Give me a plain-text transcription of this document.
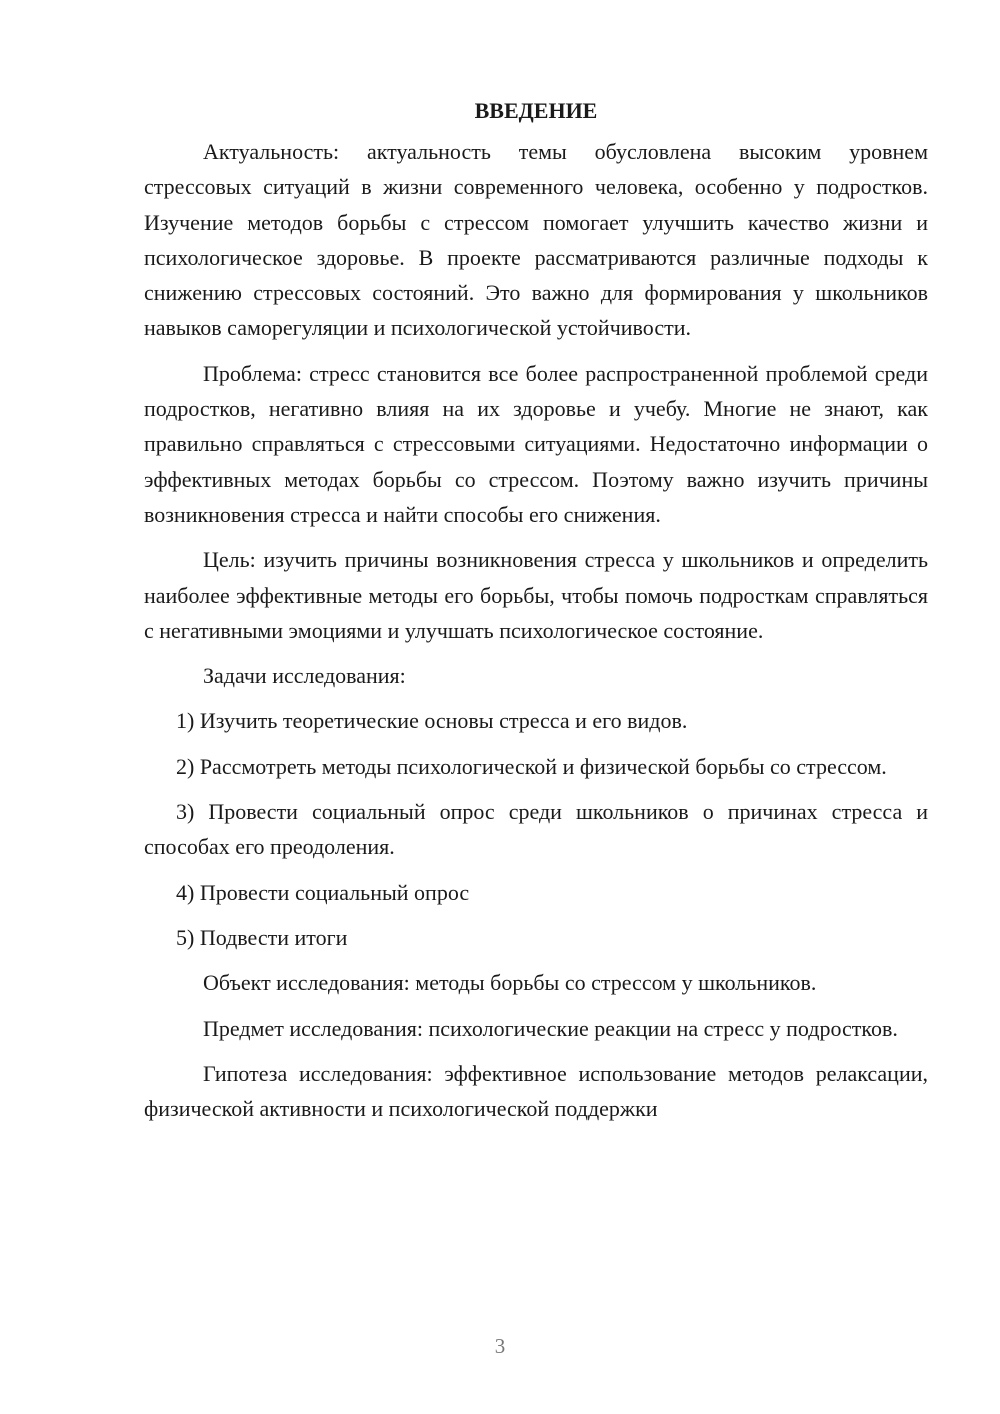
ВВЕДЕНИЕ

Актуальность: актуальность темы обусловлена высоким уровнем стрессовых ситуаций в жизни современного человека, особенно у подростков. Изучение методов борьбы с стрессом помогает улучшить качество жизни и психологическое здоровье. В проекте рассматриваются различные подходы к снижению стрессовых состояний. Это важно для формирования у школьников навыков саморегуляции и психологической устойчивости.

Проблема: стресс становится все более распространенной проблемой среди подростков, негативно влияя на их здоровье и учебу. Многие не знают, как правильно справляться с стрессовыми ситуациями. Недостаточно информации о эффективных методах борьбы со стрессом. Поэтому важно изучить причины возникновения стресса и найти способы его снижения.

Цель: изучить причины возникновения стресса у школьников и определить наиболее эффективные методы его борьбы, чтобы помочь подросткам справляться с негативными эмоциями и улучшать психологическое состояние.

Задачи исследования:

1) Изучить теоретические основы стресса и его видов.

2) Рассмотреть методы психологической и физической борьбы со стрессом.

3) Провести социальный опрос среди школьников о причинах стресса и способах его преодоления.

4) Провести социальный опрос

5) Подвести итоги

Объект исследования: методы борьбы со стрессом у школьников.

Предмет исследования: психологические реакции на стресс у подростков.

Гипотеза исследования: эффективное использование методов релаксации, физической активности и психологической поддержки

3
